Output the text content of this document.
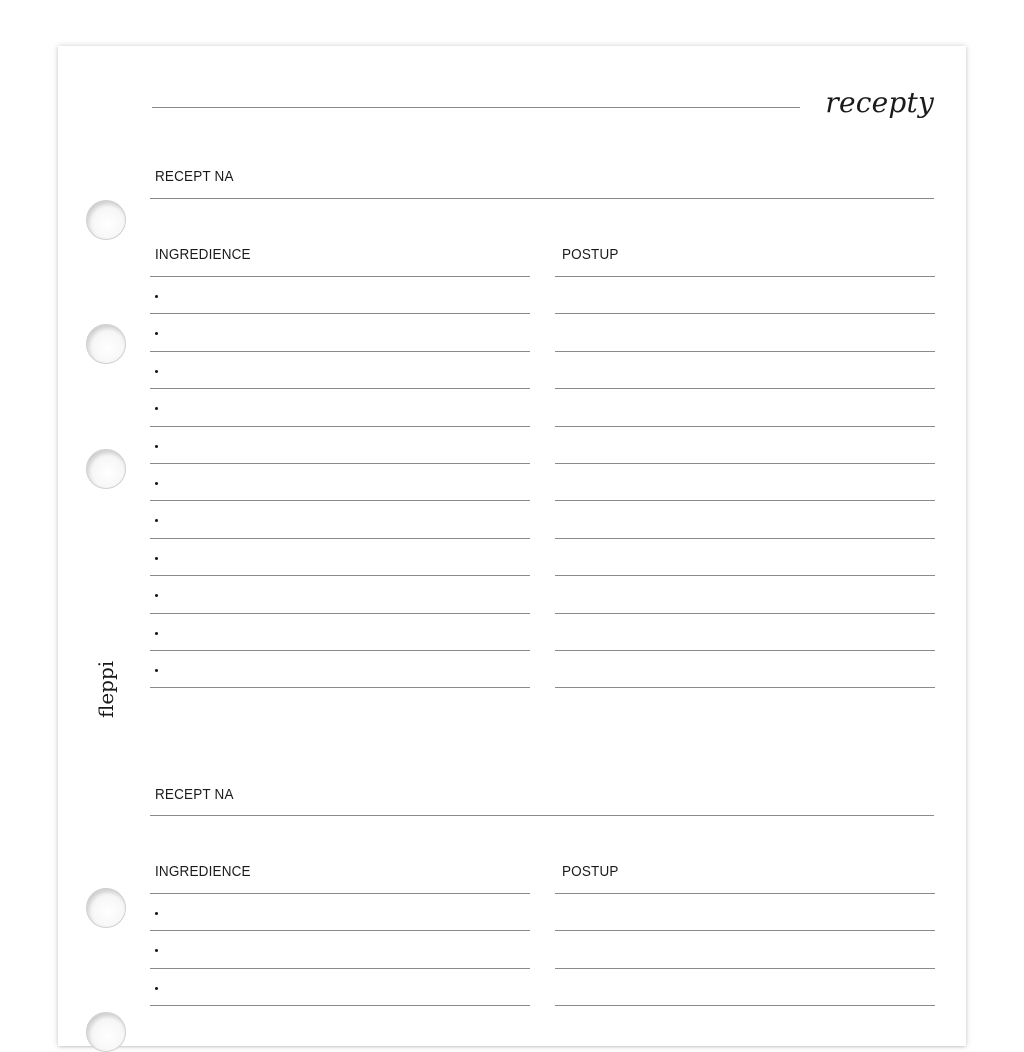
recepty
fleppi
RECEPT NA
INGREDIENCE	POSTUP
RECEPT NA
INGREDIENCE	POSTUP
